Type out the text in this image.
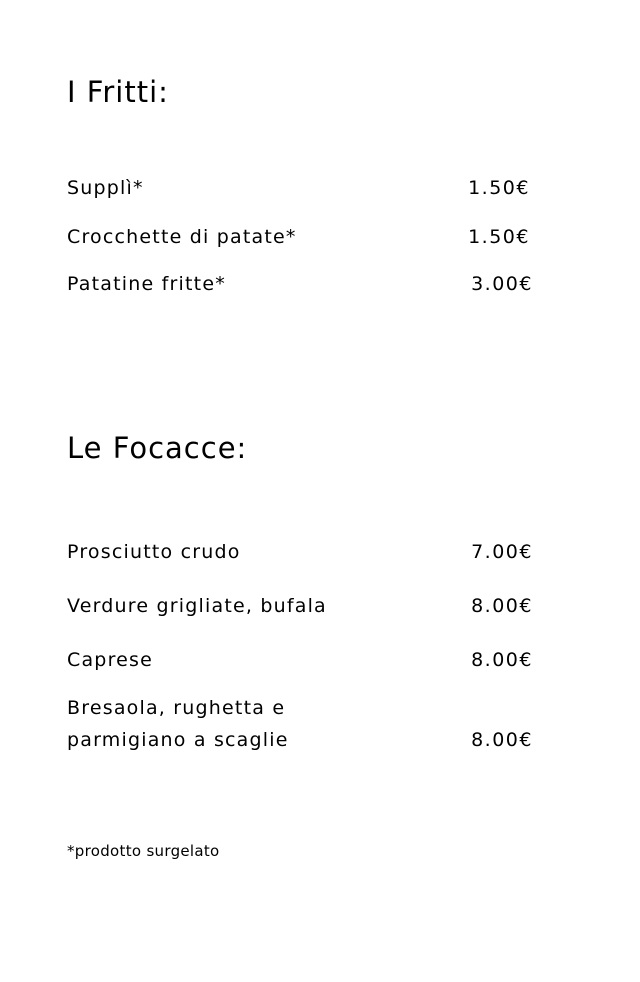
I Fritti:
Supplì*	1.50€
Crocchette di patate*	1.50€
Patatine fritte*	3.00€
Le Focacce:
Prosciutto crudo	7.00€
Verdure grigliate, bufala	8.00€
Caprese	8.00€
Bresaola, rughetta e
parmigiano a scaglie	8.00€
*prodotto surgelato
